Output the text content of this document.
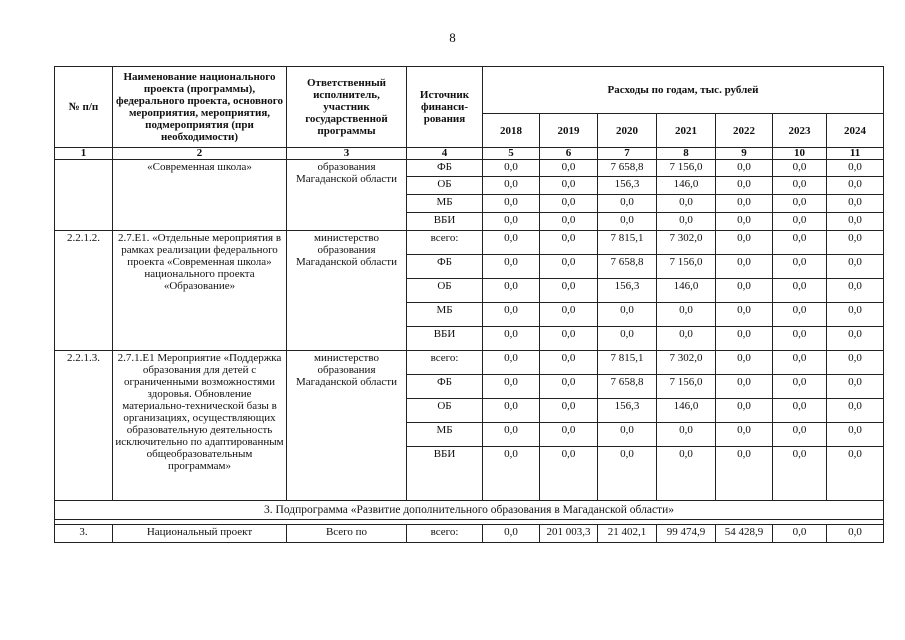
8
№ п/п	Наименование национального проекта (программы), федерального проекта, основного мероприятия, мероприятия, подмероприятия (при необходимости)	Ответственный исполнитель, участник государственной программы	Источник финанси-рования	Расходы по годам, тыс. рублей						
				2018	2019	2020	2021	2022	2023	2024
1	2	3	4	5	6	7	8	9	10	11
	«Современная школа»	образования Магаданской области	ФБ	0,0	0,0	7 658,8	7 156,0	0,0	0,0	0,0
			ОБ	0,0	0,0	156,3	146,0	0,0	0,0	0,0
			МБ	0,0	0,0	0,0	0,0	0,0	0,0	0,0
			ВБИ	0,0	0,0	0,0	0,0	0,0	0,0	0,0
2.2.1.2.	2.7.Е1. «Отдельные мероприятия в рамках реализации федерального проекта «Современная школа» национального проекта «Образование»	министерство образования Магаданской области	всего:	0,0	0,0	7 815,1	7 302,0	0,0	0,0	0,0
			ФБ	0,0	0,0	7 658,8	7 156,0	0,0	0,0	0,0
			ОБ	0,0	0,0	156,3	146,0	0,0	0,0	0,0
			МБ	0,0	0,0	0,0	0,0	0,0	0,0	0,0
			ВБИ	0,0	0,0	0,0	0,0	0,0	0,0	0,0
2.2.1.3.	2.7.1.Е1 Мероприятие «Поддержка образования для детей с ограниченными возможностями здоровья. Обновление материально-технической базы в организациях, осуществляющих образовательную деятельность исключительно по адаптированным общеобразовательным программам»	министерство образования Магаданской области	всего:	0,0	0,0	7 815,1	7 302,0	0,0	0,0	0,0
			ФБ	0,0	0,0	7 658,8	7 156,0	0,0	0,0	0,0
			ОБ	0,0	0,0	156,3	146,0	0,0	0,0	0,0
			МБ	0,0	0,0	0,0	0,0	0,0	0,0	0,0
			ВБИ	0,0	0,0	0,0	0,0	0,0	0,0	0,0
3. Подпрограмма «Развитие дополнительного образования в Магаданской области»										

3.	Национальный проект	Всего по	всего:	0,0	201 003,3	21 402,1	99 474,9	54 428,9	0,0	0,0
